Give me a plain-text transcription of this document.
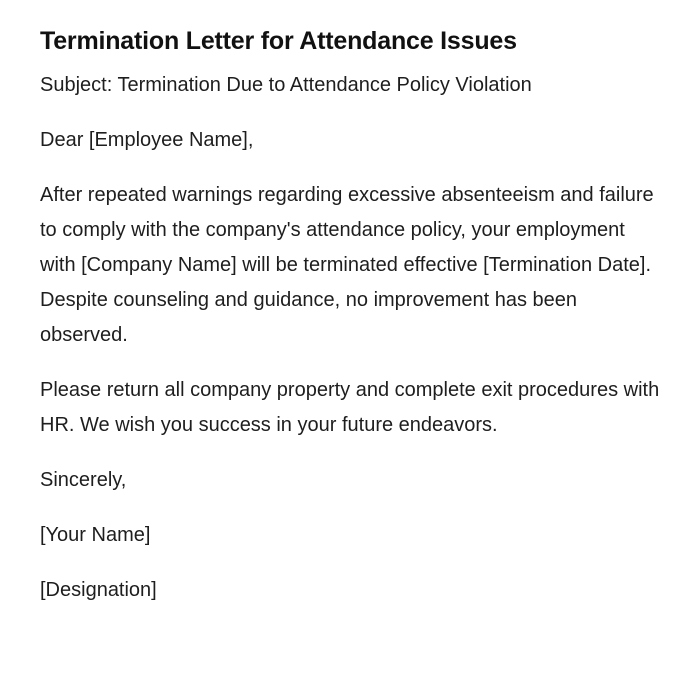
Termination Letter for Attendance Issues

Subject: Termination Due to Attendance Policy Violation

Dear [Employee Name],

After repeated warnings regarding excessive absenteeism and failure to comply with the company's attendance policy, your employment with [Company Name] will be terminated effective [Termination Date]. Despite counseling and guidance, no improvement has been observed.

Please return all company property and complete exit procedures with HR. We wish you success in your future endeavors.

Sincerely,

[Your Name]

[Designation]
